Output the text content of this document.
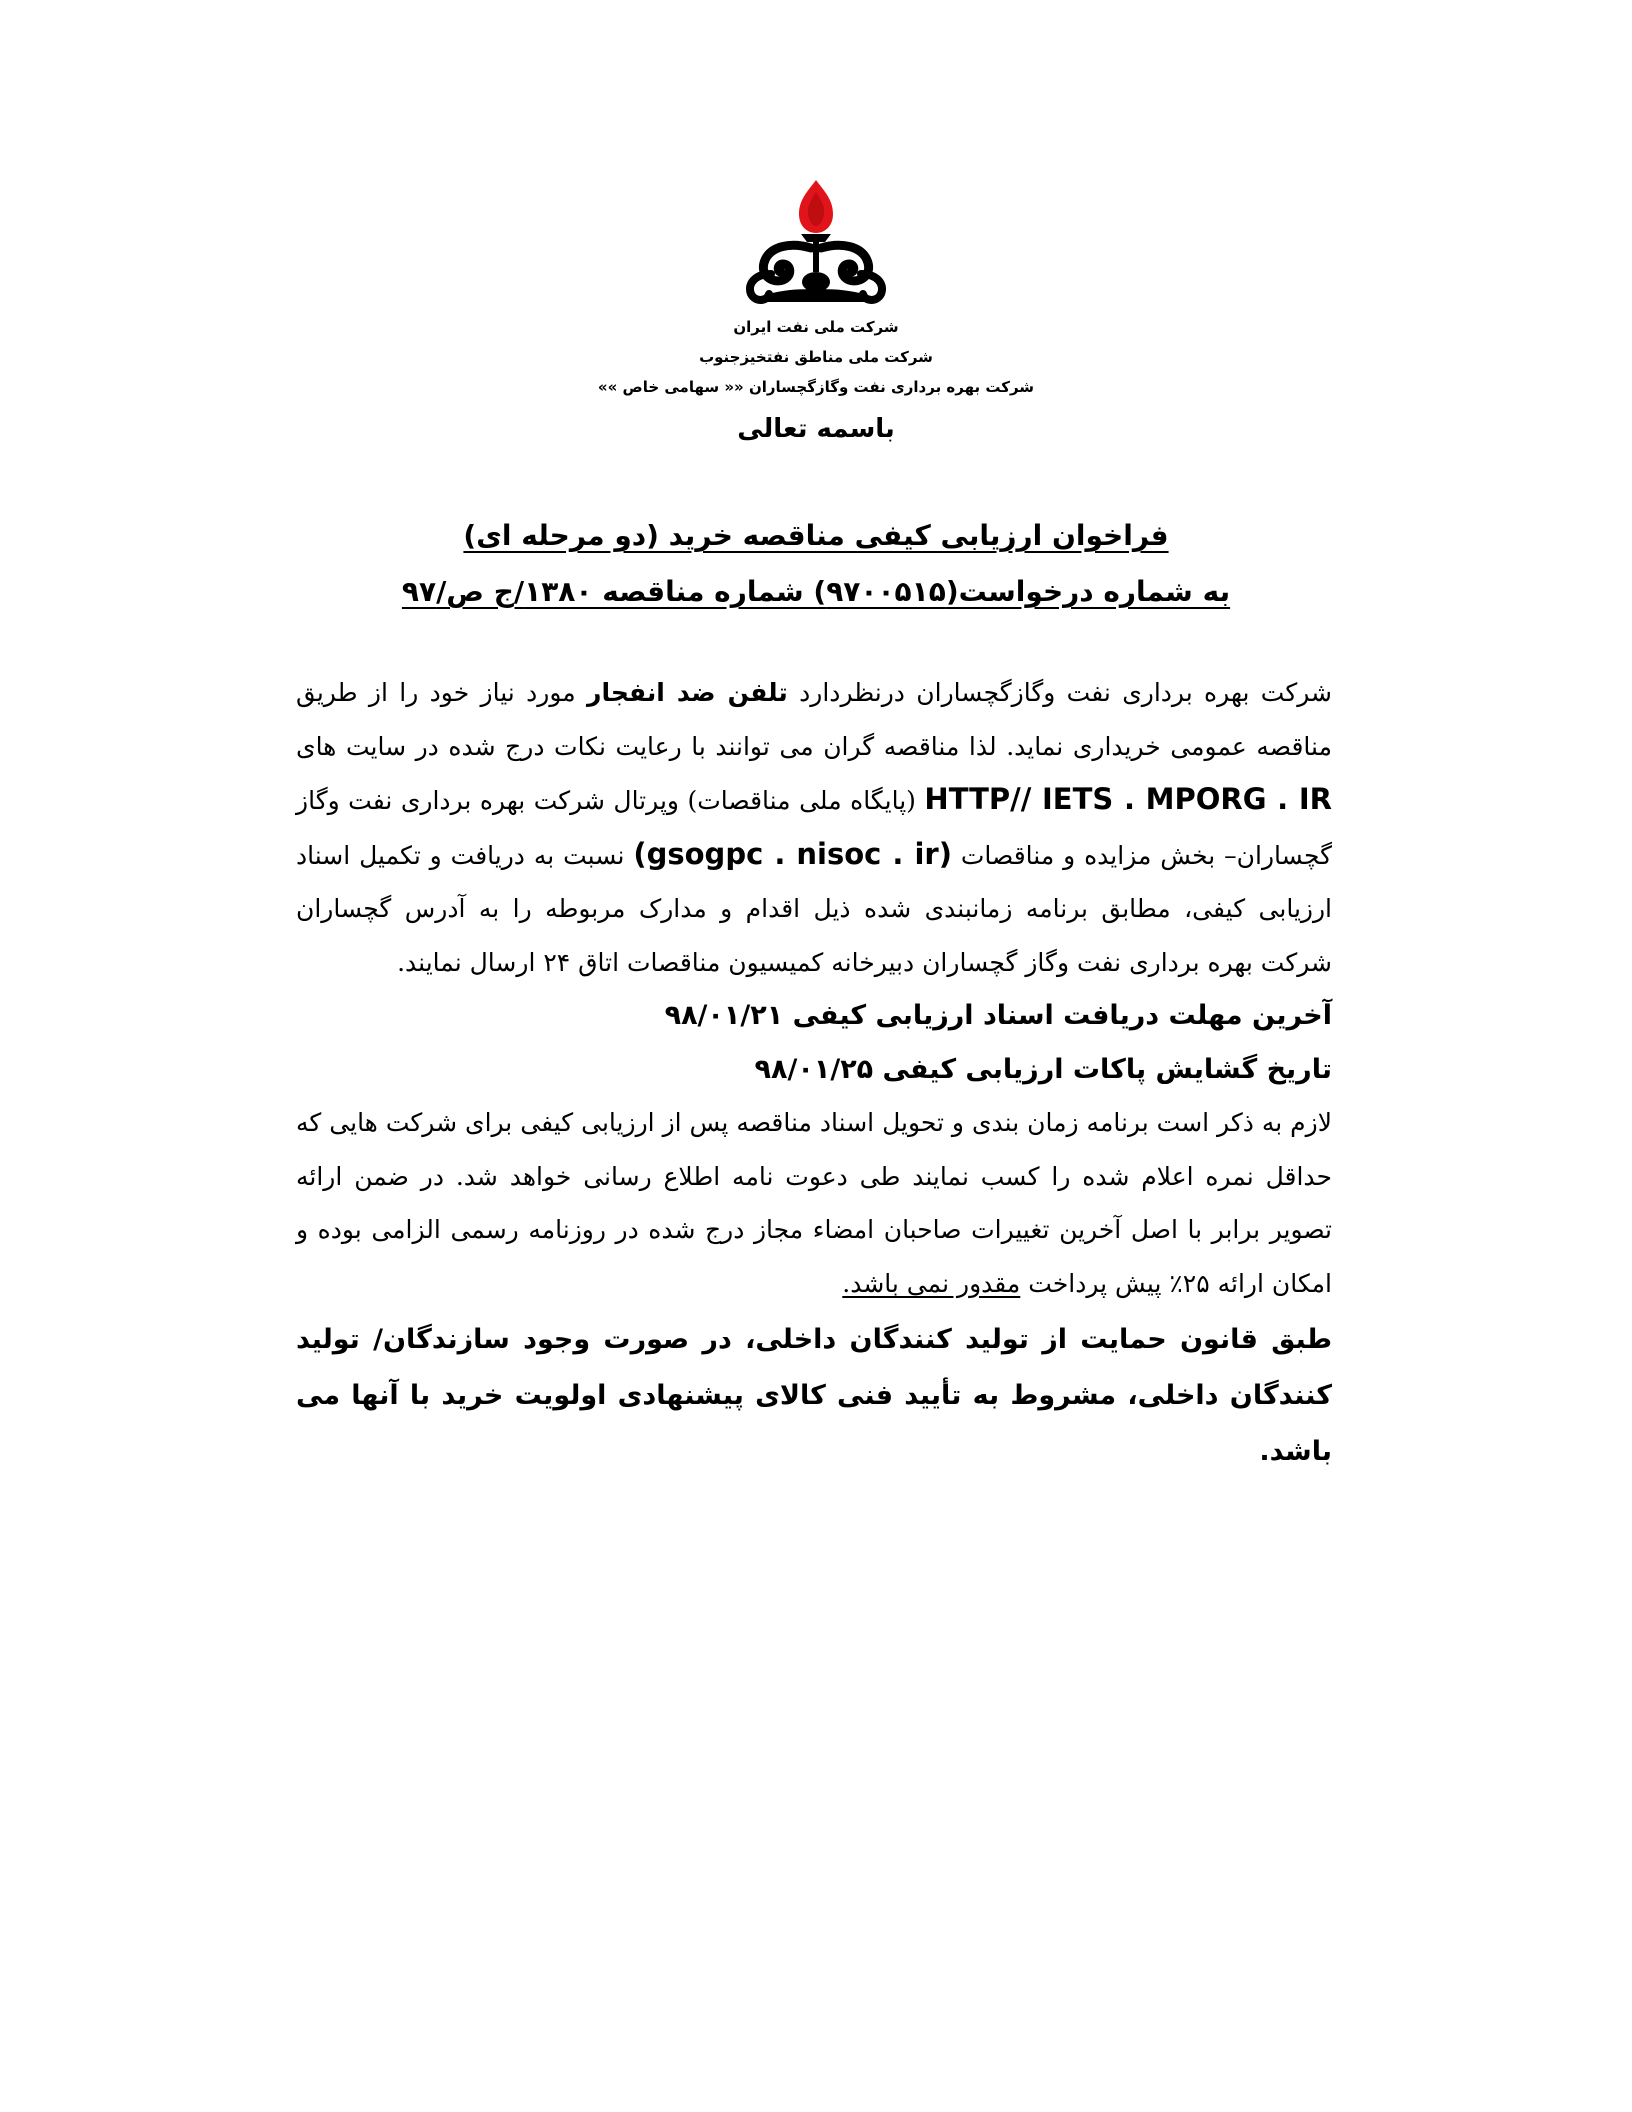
شرکت ملی نفت ایران
شرکت ملی مناطق نفتخیزجنوب
شرکت بهره برداری نفت وگازگچساران «« سهامی خاص »»
باسمه تعالی
فراخوان ارزیابی کیفی مناقصه خرید (دو مرحله ای)
به شماره درخواست(۹۷۰۰۵۱۵) شماره مناقصه ۱۳۸۰/ج ص/۹۷

شرکت بهره برداری نفت وگازگچساران درنظردارد تلفن ضد انفجار مورد نیاز خود را از طریق مناقصه عمومی خریداری نماید. لذا مناقصه گران می توانند با رعایت نکات درج شده در سایت های HTTP// IETS . MPORG . IR (پایگاه ملی مناقصات) وپرتال شرکت بهره برداری نفت وگاز گچساران– بخش مزایده و مناقصات (gsogpc . nisoc . ir) نسبت به دریافت و تکمیل اسناد ارزیابی کیفی، مطابق برنامه زمانبندی شده ذیل اقدام و مدارک مربوطه را به آدرس گچساران شرکت بهره برداری نفت وگاز گچساران دبیرخانه کمیسیون مناقصات اتاق ۲۴ ارسال نمایند.

آخرین مهلت دریافت اسناد ارزیابی کیفی ۹۸/۰۱/۲۱

تاریخ گشایش پاکات ارزیابی کیفی ۹۸/۰۱/۲۵

لازم به ذکر است برنامه زمان بندی و تحویل اسناد مناقصه پس از ارزیابی کیفی برای شرکت هایی که حداقل نمره اعلام شده را کسب نمایند طی دعوت نامه اطلاع رسانی خواهد شد. در ضمن ارائه تصویر برابر با اصل آخرین تغییرات صاحبان امضاء مجاز درج شده در روزنامه رسمی الزامی بوده و امکان ارائه ۲۵٪ پیش پرداخت مقدور نمی باشد.

طبق قانون حمایت از تولید کنندگان داخلی، در صورت وجود سازندگان/ تولید کنندگان داخلی، مشروط به تأیید فنی کالای پیشنهادی اولویت خرید با آنها می باشد.
